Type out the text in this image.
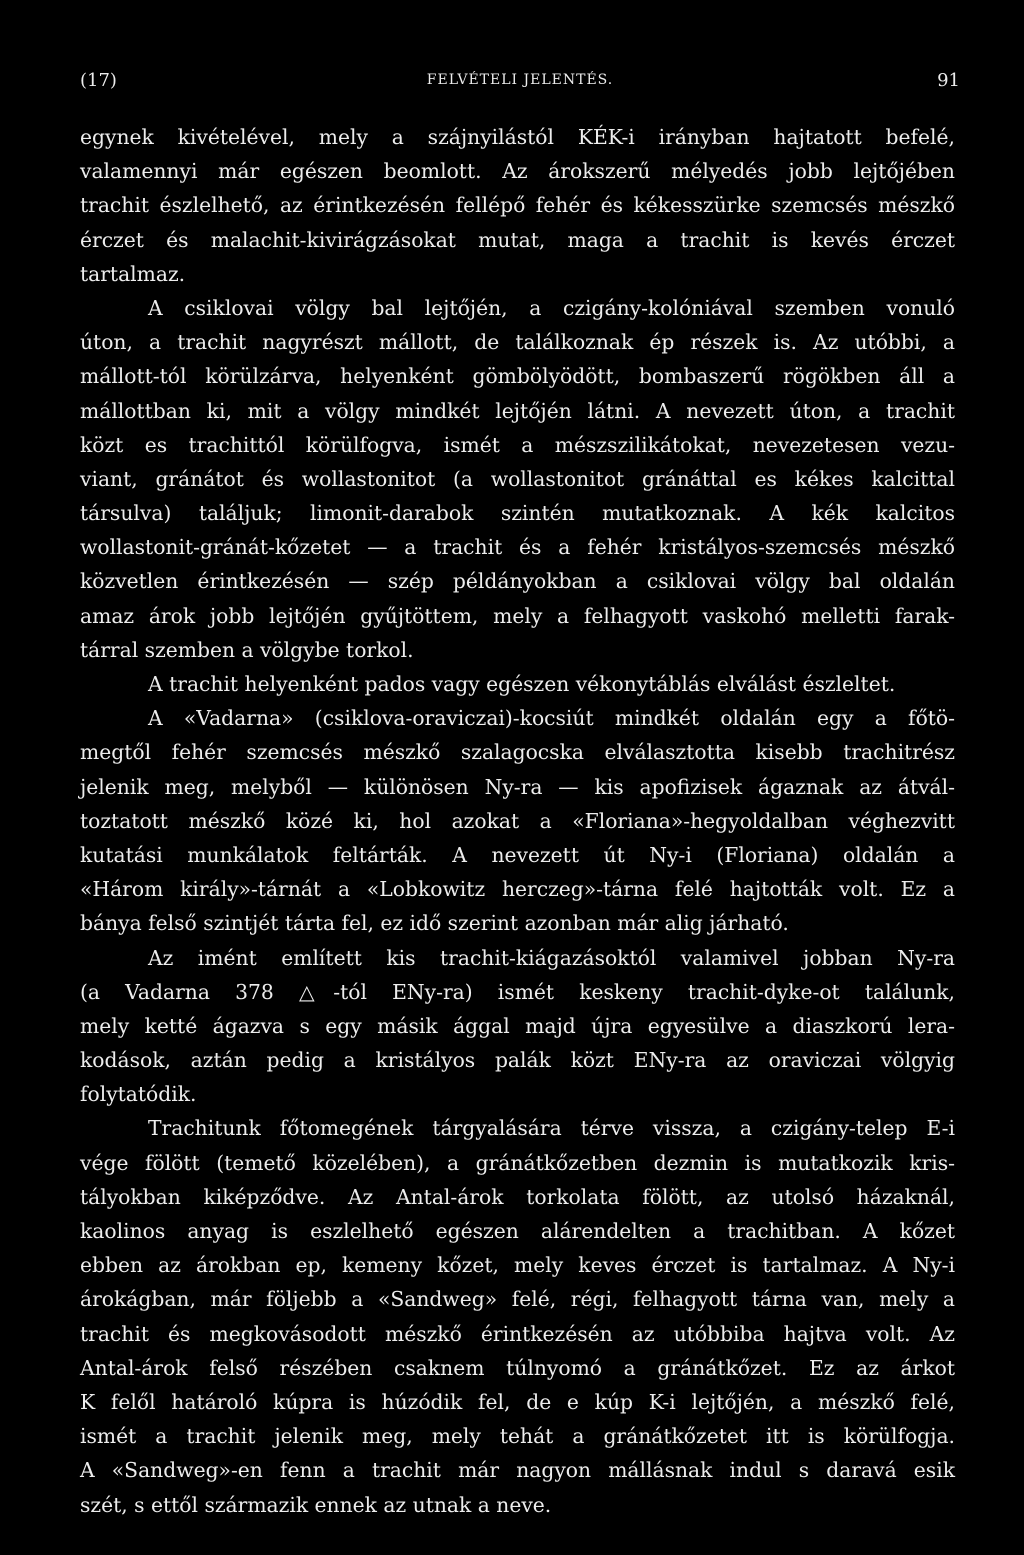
(17)	FELVÉTELI JELENTÉS.	91
egynek kivételével, mely a szájnyilástól KÉK-i irányban hajtatott befelé,
valamennyi már egészen beomlott. Az árokszerű mélyedés jobb lejtőjében
trachit észlelhető, az érintkezésén fellépő fehér és kékesszürke szemcsés mészkő
érczet és malachit-kivirágzásokat mutat, maga a trachit is kevés érczet
tartalmaz.
A csiklovai völgy bal lejtőjén, a czigány-kolóniával szemben vonuló
úton, a trachit nagyrészt mállott, de találkoznak ép részek is. Az utóbbi, a
mállott-tól körülzárva, helyenként gömbölyödött, bombaszerű rögökben áll a
mállottban ki, mit a völgy mindkét lejtőjén látni. A nevezett úton, a trachit
közt es trachittól körülfogva, ismét a mészszilikátokat, nevezetesen vezu-
viant, gránátot és wollastonitot (a wollastonitot gránáttal es kékes kalcittal
társulva) találjuk; limonit-darabok szintén mutatkoznak. A kék kalcitos
wollastonit-gránát-kőzetet — a trachit és a fehér kristályos-szemcsés mészkő
közvetlen érintkezésén — szép példányokban a csiklovai völgy bal oldalán
amaz árok jobb lejtőjén gyűjtöttem, mely a felhagyott vaskohó melletti farak-
tárral szemben a völgybe torkol.
A trachit helyenként pados vagy egészen vékonytáblás elválást észleltet.
A «Vadarna» (csiklova-oraviczai)-kocsiút mindkét oldalán egy a főtö-
megtől fehér szemcsés mészkő szalagocska elválasztotta kisebb trachitrész
jelenik meg, melyből — különösen Ny-ra — kis apofizisek ágaznak az átvál-
toztatott mészkő közé ki, hol azokat a «Floriana»-hegyoldalban véghezvitt
kutatási munkálatok feltárták. A nevezett út Ny-i (Floriana) oldalán a
«Három király»-tárnát a «Lobkowitz herczeg»-tárna felé hajtották volt. Ez a
bánya felső szintjét tárta fel, ez idő szerint azonban már alig járható.
Az imént említett kis trachit-kiágazásoktól valamivel jobban Ny-ra
(a Vadarna 378 △-tól ENy-ra) ismét keskeny trachit-dyke-ot találunk,
mely ketté ágazva s egy másik ággal majd újra egyesülve a diaszkorú lera-
kodások, aztán pedig a kristályos palák közt ENy-ra az oraviczai völgyig
folytatódik.
Trachitunk főtomegének tárgyalására térve vissza, a czigány-telep E-i
vége fölött (temető közelében), a gránátkőzetben dezmin is mutatkozik kris-
tályokban kiképződve. Az Antal-árok torkolata fölött, az utolsó házaknál,
kaolinos anyag is eszlelhető egészen alárendelten a trachitban. A kőzet
ebben az árokban ep, kemeny kőzet, mely keves érczet is tartalmaz. A Ny-i
árokágban, már följebb a «Sandweg» felé, régi, felhagyott tárna van, mely a
trachit és megkovásodott mészkő érintkezésén az utóbbiba hajtva volt. Az
Antal-árok felső részében csaknem túlnyomó a gránátkőzet. Ez az árkot
K felől határoló kúpra is húzódik fel, de e kúp K-i lejtőjén, a mészkő felé,
ismét a trachit jelenik meg, mely tehát a gránátkőzetet itt is körülfogja.
A «Sandweg»-en fenn a trachit már nagyon mállásnak indul s daravá esik
szét, s ettől származik ennek az utnak a neve.
